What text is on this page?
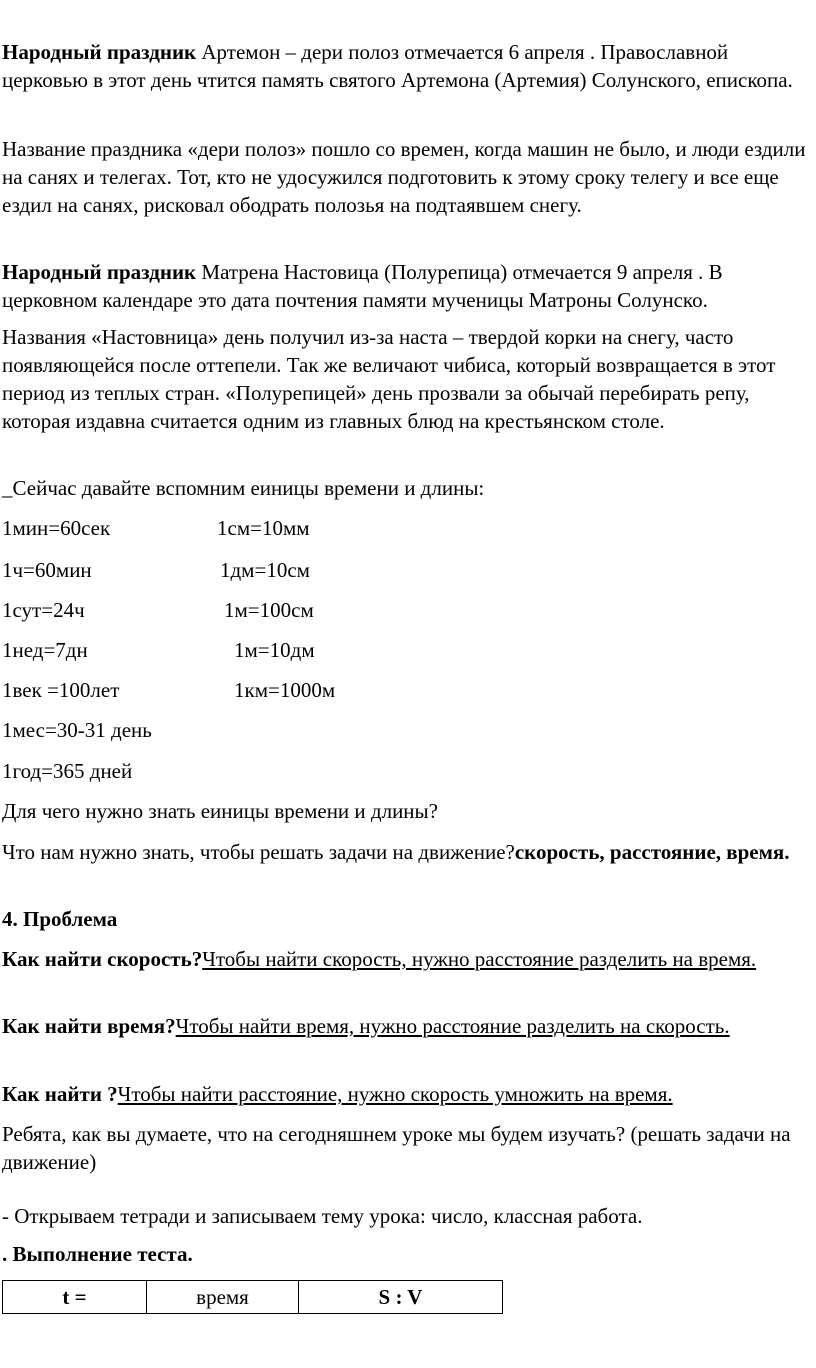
Народный праздник Артемон – дери полоз отмечается 6 апреля . Православной церковью в этот день чтится память святого Артемона (Артемия) Солунского, епископа.

Название праздника «дери полоз» пошло со времен, когда машин не было, и люди ездили на санях и телегах. Тот, кто не удосужился подготовить к этому сроку телегу и все еще ездил на санях, рисковал ободрать полозья на подтаявшем снегу.

Народный праздник Матрена Настовица (Полурепица) отмечается 9 апреля . В церковном календаре это дата почтения памяти мученицы Матроны Солунско.

Названия «Настовница» день получил из-за наста – твердой корки на снегу, часто появляющейся после оттепели. Так же величают чибиса, который возвращается в этот период из теплых стран. «Полурепицей» день прозвали за обычай перебирать репу, которая издавна считается одним из главных блюд на крестьянском столе.

_Сейчас давайте вспомним еиницы времени и длины:

1мин=60сек	1см=10мм

1ч=60мин	1дм=10см

1сут=24ч	1м=100см

1нед=7дн	1м=10дм

1век =100лет	1км=1000м

1мес=30-31 день

1год=365 дней

Для чего нужно знать еиницы времени и длины?

Что нам нужно знать, чтобы решать задачи на движение?скорость, расстояние, время.

4. Проблема

Как найти скорость?Чтобы найти скорость, нужно расстояние разделить на время.

Как найти время?Чтобы найти время, нужно расстояние разделить на скорость.

Как найти ?Чтобы найти расстояние, нужно скорость умножить на время.

Ребята, как вы думаете, что на сегодняшнем уроке мы будем изучать? (решать задачи на движение)

- Открываем тетради и записываем тему урока: число, классная работа.

. Выполнение теста.

t =	время	S : V
